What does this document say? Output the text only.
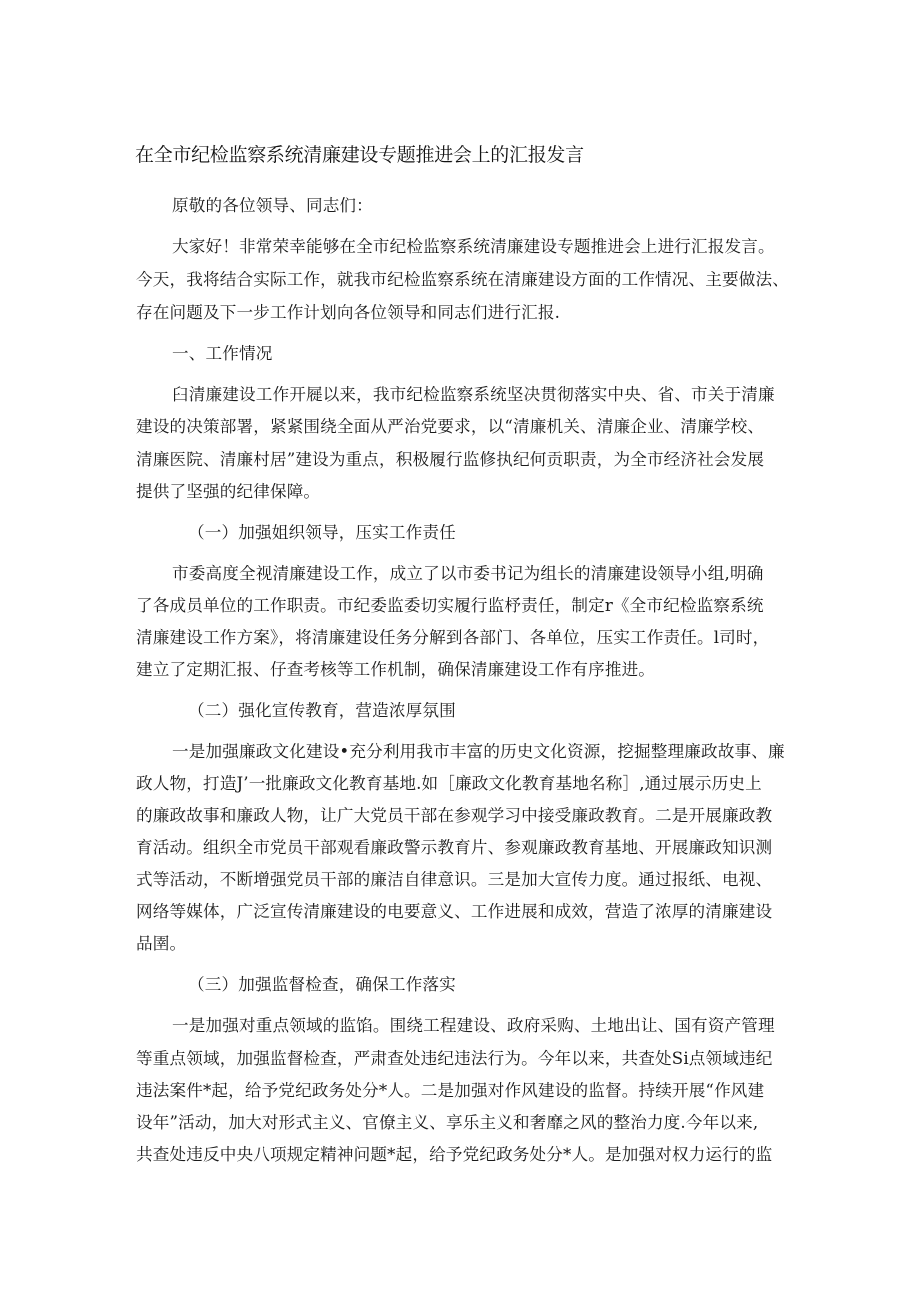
在全市纪检监察系统清廉建设专题推进会上的汇报发言
原敬的各位领导、同志们：
大家好！非常荣幸能够在全市纪检监察系统清廉建设专题推进会上进行汇报发言。
今天，我将结合实际工作，就我市纪检监察系统在清廉建设方面的工作情况、主要做法、
存在问题及下一步工作计划向各位领导和同志们进行汇报.
一、工作情况
臼清廉建设工作开屣以来，我市纪检监察系统坚决贯彻落实中央、省、市关于清廉
建设的决策部署，紧紧围绕全面从严治党要求，以“清廉机关、清廉企业、清廉学校、
清廉医院、清廉村居”建设为重点，积极履行监修执纪何贡职责，为全市经济社会发展
提供了坚强的纪律保障。
（一）加强姐织领导，压实工作责任
市委高度全视清廉建设工作，成立了以市委书记为组长的清廉建设领导小组,明确
了各成员单位的工作职责。市纪委监委切实履行监杼责任，制定r《全市纪检监察系统
清廉建设工作方案》，将清廉建设任务分解到各部门、各单位，压实工作责任。l司时，
建立了定期汇报、仔查考核等工作机制，确保清廉建设工作有序推进。
（二）强化宣传教育，营造浓厚氛围
一是加强廉政文化建设•充分利用我市丰富的历史文化资源，挖掘整理廉政故事、廉
政人物，打造J’一批廉政文化教育基地.如［廉政文化教育基地名称］,通过展示历史上
的廉政故事和廉政人物，让广大党员干部在参观学习中接受廉政教育。二是开展廉政教
育活动。组织全市党员干部观看廉政警示教育片、参观廉政教育基地、开展廉政知识测
式等活动，不断增强党员干部的廉洁自律意识。三是加大宣传力度。通过报纸、电视、
网络等媒体，广泛宣传清廉建设的电要意义、工作进展和成效，营造了浓厚的清廉建设
品圉。
（三）加强监督检查，确保工作落实
一是加强对重点领域的监馅。围绕工程建设、政府采购、土地出让、国有资产管理
等重点领域，加强监督检查，严肃查处违纪违法行为。今年以来，共查处Si点领域违纪
违法案件*起，给予党纪政务处分*人。二是加强对作风建设的监督。持续开展“作风建
设年”活动，加大对形式主义、官僚主义、享乐主义和奢靡之风的整治力度.今年以来,
共查处违反中央八项规定精神问题*起，给予党纪政务处分*人。是加强对权力运行的监
